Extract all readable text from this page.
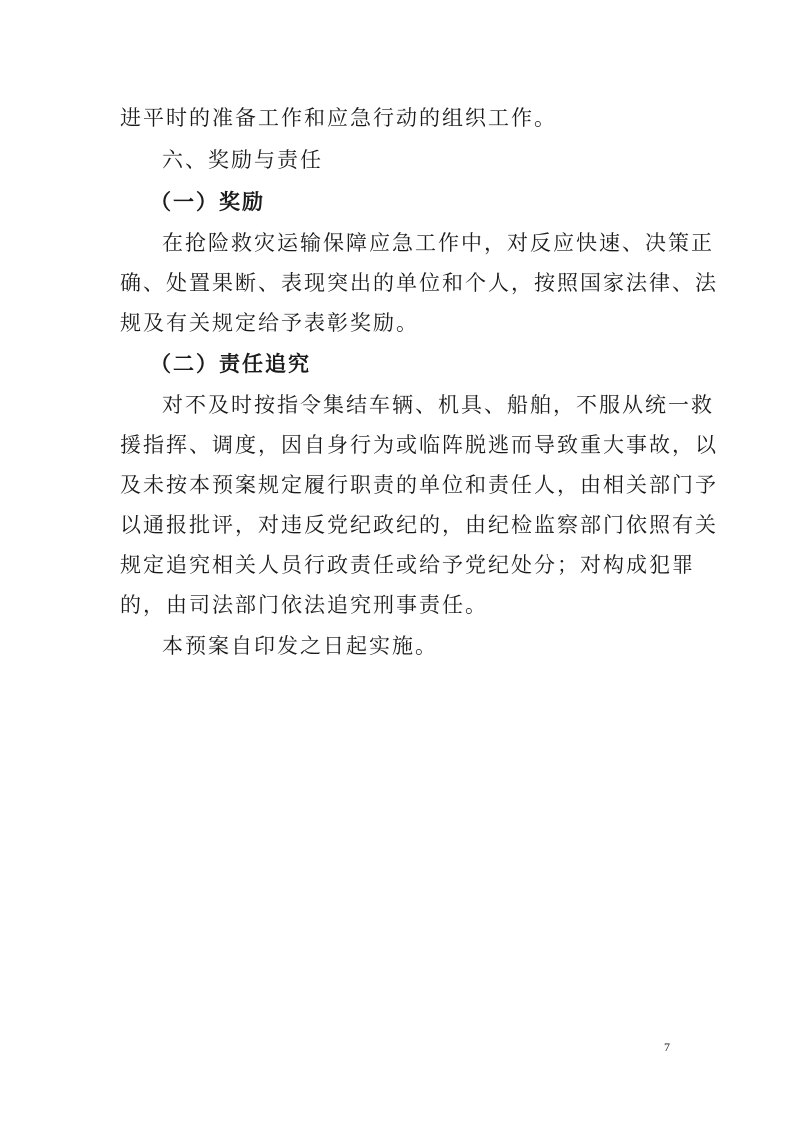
进平时的准备工作和应急行动的组织工作。
六、奖励与责任
（一）奖励
在抢险救灾运输保障应急工作中，对反应快速、决策正
确、处置果断、表现突出的单位和个人，按照国家法律、法
规及有关规定给予表彰奖励。
（二）责任追究
对不及时按指令集结车辆、机具、船舶，不服从统一救
援指挥、调度，因自身行为或临阵脱逃而导致重大事故，以
及未按本预案规定履行职责的单位和责任人，由相关部门予
以通报批评，对违反党纪政纪的，由纪检监察部门依照有关
规定追究相关人员行政责任或给予党纪处分；对构成犯罪
的，由司法部门依法追究刑事责任。
本预案自印发之日起实施。
7
